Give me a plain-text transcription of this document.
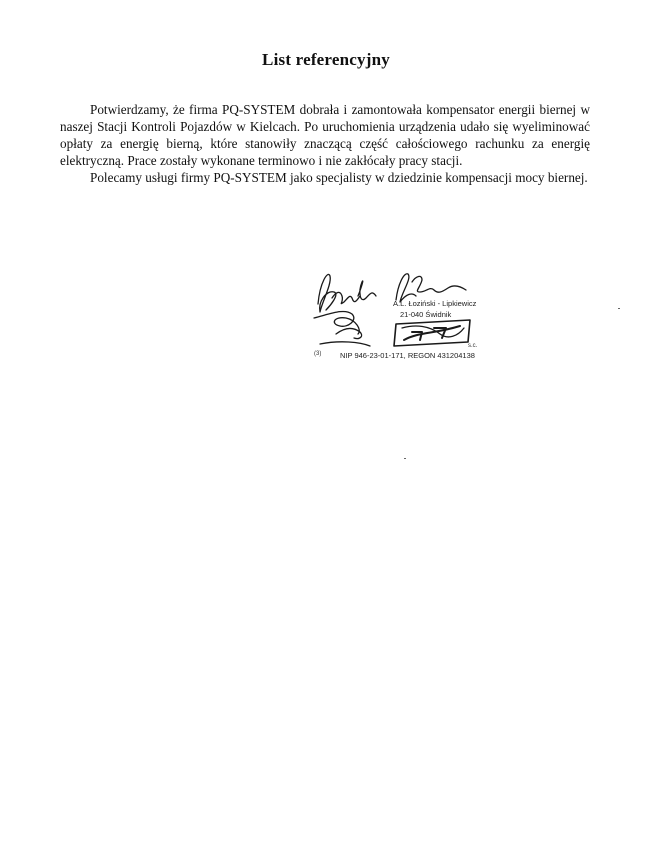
List referencyjny

Potwierdzamy, że firma PQ-SYSTEM dobrała i zamontowała kompensator energii biernej w naszej Stacji Kontroli Pojazdów w Kielcach. Po uruchomienia urządzenia udało się wyeliminować opłaty za energię bierną, które stanowiły znaczącą część całościowego rachunku za energię elektryczną. Prace zostały wykonane terminowo i nie zakłócały pracy stacji.

Polecamy usługi firmy PQ-SYSTEM jako specjalisty w dziedzinie kompensacji mocy biernej.

A.L. Łoziński - Lipkiewicz
21-040 Świdnik
s.c.
(3) NIP 946-23-01-171, REGON 431204138
